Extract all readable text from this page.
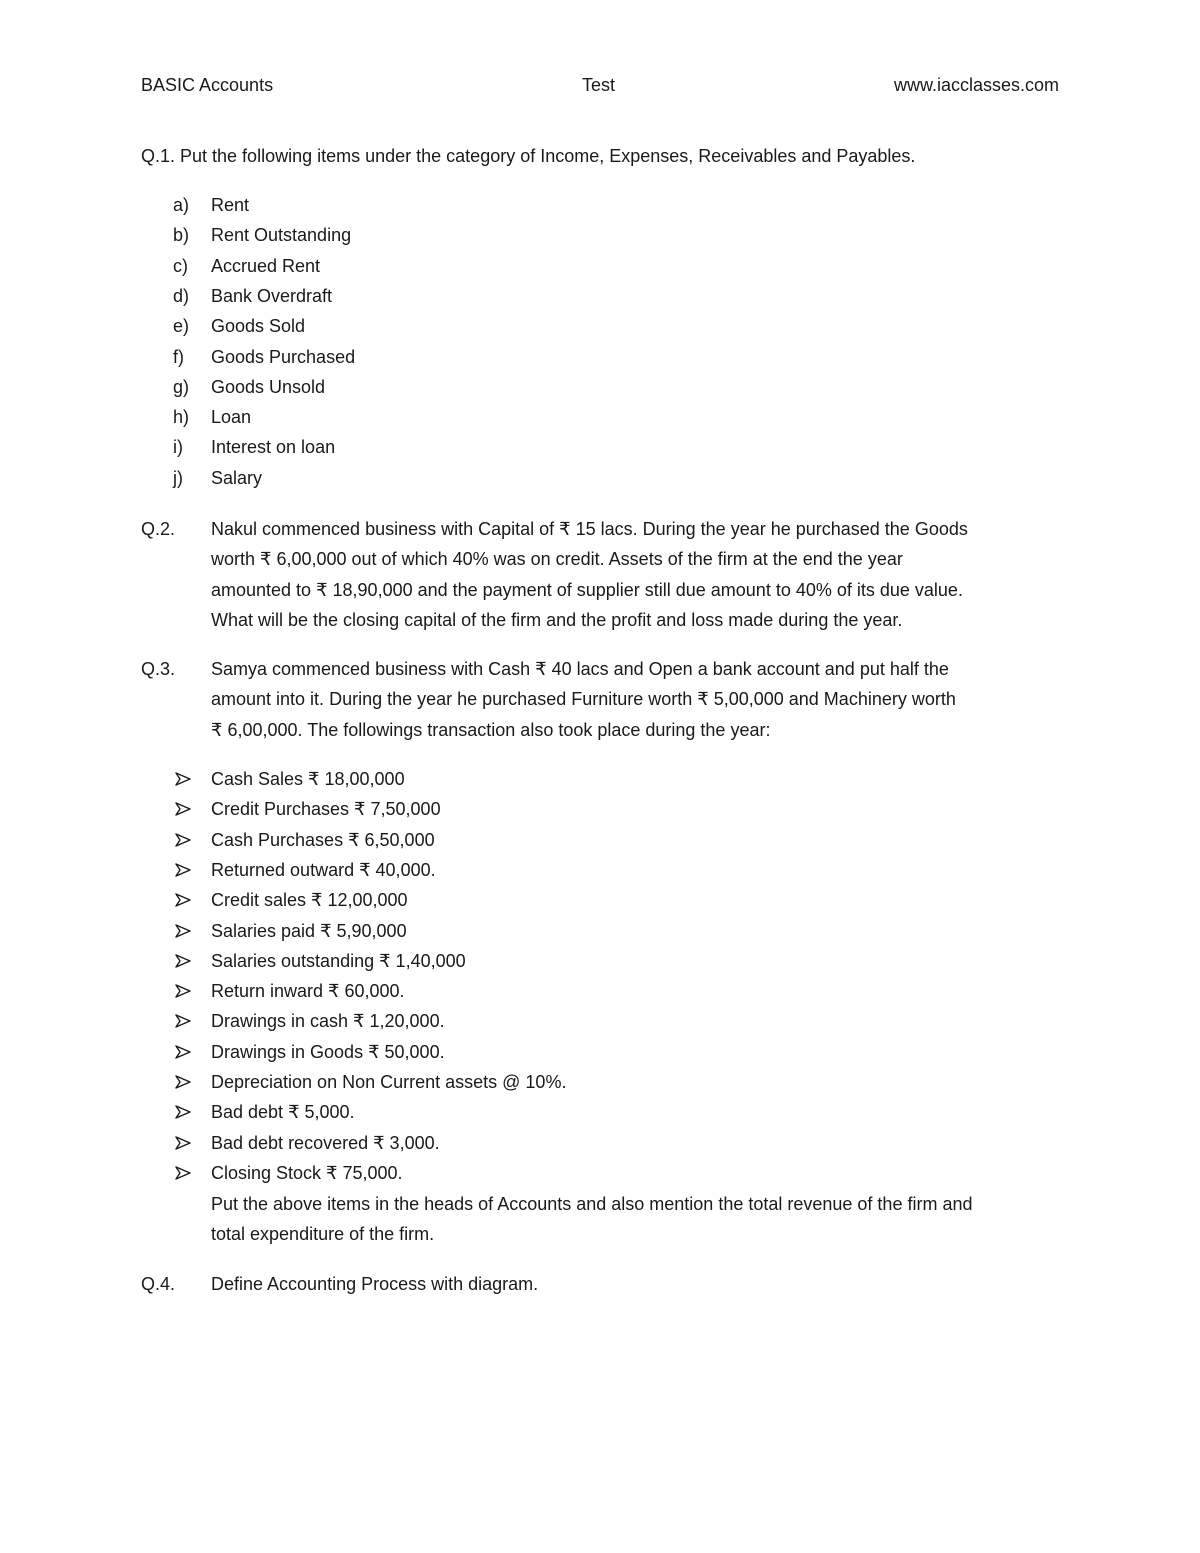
BASIC Accounts	Test	www.iacclasses.com
Q.1. Put the following items under the category of Income, Expenses, Receivables and Payables.
a) Rent
b) Rent Outstanding
c) Accrued Rent
d) Bank Overdraft
e) Goods Sold
f) Goods Purchased
g) Goods Unsold
h) Loan
i) Interest on loan
j) Salary
Q.2. Nakul commenced business with Capital of ₹ 15 lacs. During the year he purchased the Goods

worth ₹ 6,00,000 out of which 40% was on credit. Assets of the firm at the end the year

amounted to ₹ 18,90,000 and the payment of supplier still due amount to 40% of its due value.

What will be the closing capital of the firm and the profit and loss made during the year.

Q.3. Samya commenced business with Cash ₹ 40 lacs and Open a bank account and put half the

amount into it. During the year he purchased Furniture worth ₹ 5,00,000 and Machinery worth

₹ 6,00,000. The followings transaction also took place during the year:

Cash Sales ₹ 18,00,000
Credit Purchases ₹ 7,50,000
Cash Purchases ₹ 6,50,000
Returned outward ₹ 40,000.
Credit sales ₹ 12,00,000
Salaries paid ₹ 5,90,000
Salaries outstanding ₹ 1,40,000
Return inward ₹ 60,000.
Drawings in cash ₹ 1,20,000.
Drawings in Goods ₹ 50,000.
Depreciation on Non Current assets @ 10%.
Bad debt ₹ 5,000.
Bad debt recovered ₹ 3,000.
Closing Stock ₹ 75,000.

Put the above items in the heads of Accounts and also mention the total revenue of the firm and

total expenditure of the firm.

Q.4. Define Accounting Process with diagram.
